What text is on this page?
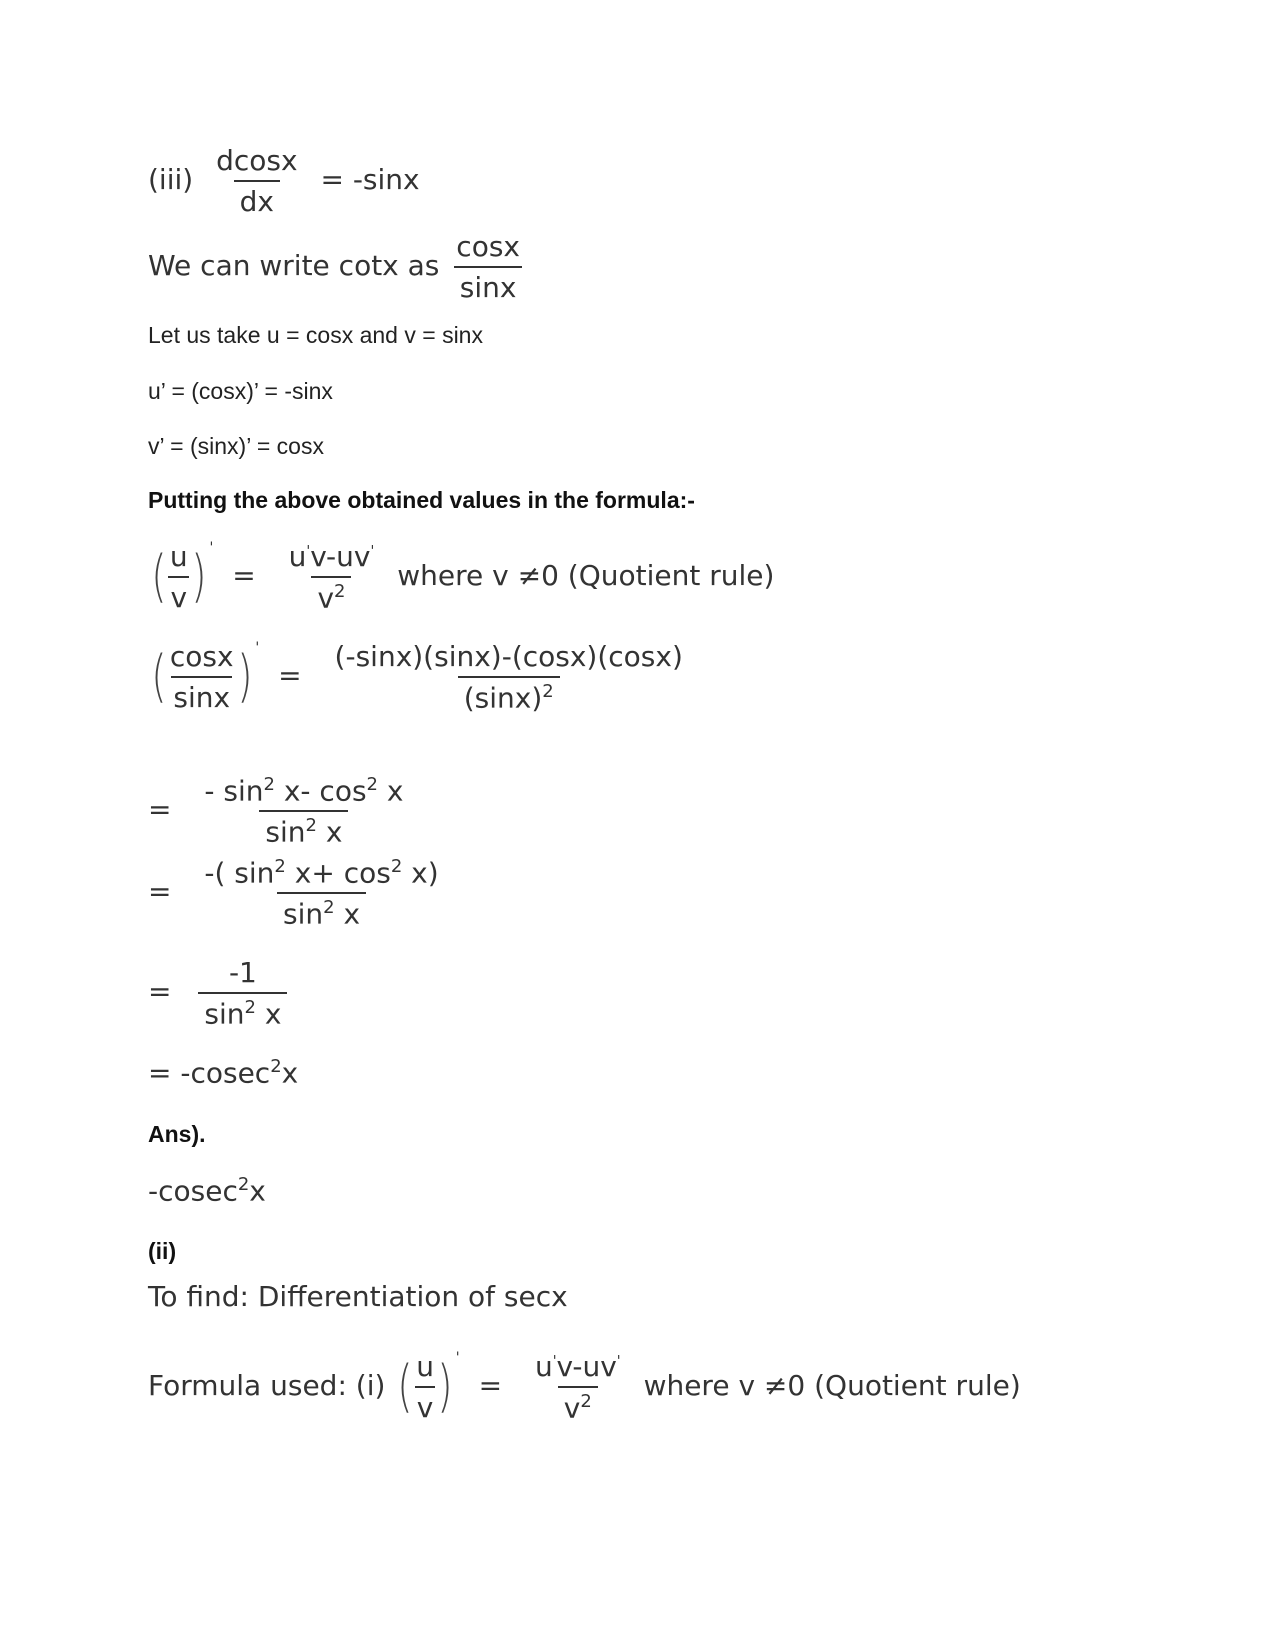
$(iii) \frac{dcosx}{dx} = -\sin x$
We can write cotx as $\frac{\cos x}{\sin x}$
Let us take u = cosx and v = sinx
u’ = (cosx)’ = -sinx
v’ = (sinx)’ = cosx
Putting the above obtained values in the formula:-
( $\frac{u}{v}$ ) '
= $\frac{u'v-uv'}{v^2}$ where v ≠0 (Quotient rule)
( $\frac{\cos x}{\sin x}$ ) '
= $\frac{(-\sin x)(\sin x)-(\cos x)(\cos x)}{(\sin x)^2}$
= $\frac{- \sin^2 x- \cos^2 x}{\sin^2 x}$
= $\frac{-( \sin^2 x+ \cos^2 x)}{\sin^2 x}$
= $\frac{-1}{\sin^2 x}$
= -cosec$^2$x
Ans).
-cosec$^2$x
(ii)
To find: Differentiation of secx
Formula used: (i) ( $\frac{u}{v}$ ) '
= $\frac{u'v-uv'}{v^2}$ where v ≠0 (Quotient rule)
